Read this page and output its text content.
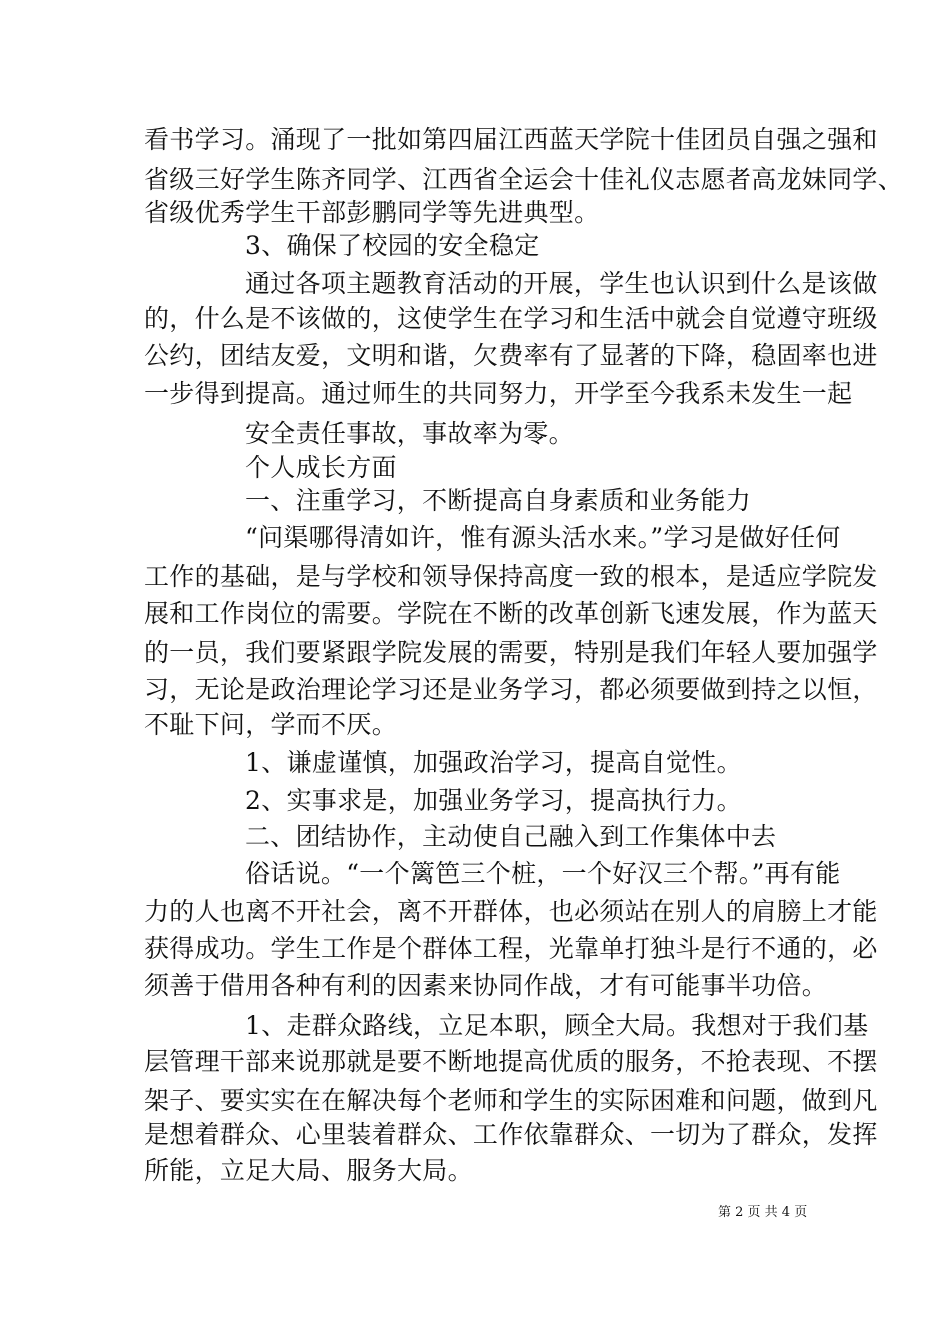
看书学习。涌现了一批如第四届江西蓝天学院十佳团员自强之强和
省级三好学生陈齐同学、江西省全运会十佳礼仪志愿者高龙妹同学、
省级优秀学生干部彭鹏同学等先进典型。
3、确保了校园的安全稳定
通过各项主题教育活动的开展，学生也认识到什么是该做
的，什么是不该做的，这使学生在学习和生活中就会自觉遵守班级
公约，团结友爱，文明和谐，欠费率有了显著的下降，稳固率也进
一步得到提高。通过师生的共同努力，开学至今我系未发生一起
安全责任事故，事故率为零。
个人成长方面
一、注重学习，不断提高自身素质和业务能力
“问渠哪得清如许，惟有源头活水来。”学习是做好任何
工作的基础，是与学校和领导保持高度一致的根本，是适应学院发
展和工作岗位的需要。学院在不断的改革创新飞速发展，作为蓝天
的一员，我们要紧跟学院发展的需要，特别是我们年轻人要加强学
习，无论是政治理论学习还是业务学习，都必须要做到持之以恒，
不耻下问，学而不厌。
1、谦虚谨慎，加强政治学习，提高自觉性。
2、实事求是，加强业务学习，提高执行力。
二、团结协作，主动使自己融入到工作集体中去
俗话说。“一个篱笆三个桩，一个好汉三个帮。”再有能
力的人也离不开社会，离不开群体，也必须站在别人的肩膀上才能
获得成功。学生工作是个群体工程，光靠单打独斗是行不通的，必
须善于借用各种有利的因素来协同作战，才有可能事半功倍。
1、走群众路线，立足本职，顾全大局。我想对于我们基
层管理干部来说那就是要不断地提高优质的服务，不抢表现、不摆
架子、要实实在在解决每个老师和学生的实际困难和问题，做到凡
是想着群众、心里装着群众、工作依靠群众、一切为了群众，发挥
所能，立足大局、服务大局。
第 2 页 共 4 页
